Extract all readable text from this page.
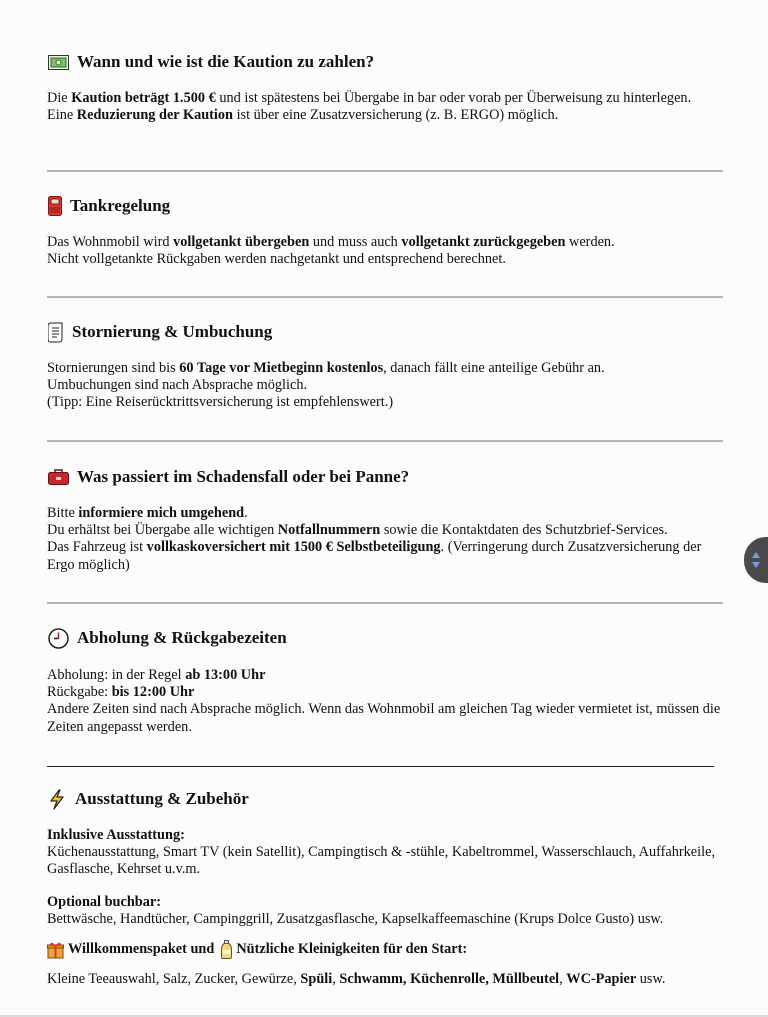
Wann und wie ist die Kaution zu zahlen?

Die Kaution beträgt 1.500 € und ist spätestens bei Übergabe in bar oder vorab per Überweisung zu hinterlegen.

Eine Reduzierung der Kaution ist über eine Zusatzversicherung (z. B. ERGO) möglich.

Tankregelung

Das Wohnmobil wird vollgetankt übergeben und muss auch vollgetankt zurückgegeben werden.

Nicht vollgetankte Rückgaben werden nachgetankt und entsprechend berechnet.

Stornierung & Umbuchung

Stornierungen sind bis 60 Tage vor Mietbeginn kostenlos, danach fällt eine anteilige Gebühr an.

Umbuchungen sind nach Absprache möglich.

(Tipp: Eine Reiserücktrittsversicherung ist empfehlenswert.)

Was passiert im Schadensfall oder bei Panne?

Bitte informiere mich umgehend.

Du erhältst bei Übergabe alle wichtigen Notfallnummern sowie die Kontaktdaten des Schutzbrief-Services.

Das Fahrzeug ist vollkaskoversichert mit 1500 € Selbstbeteiligung. (Verringerung durch Zusatzversicherung der Ergo möglich)

Abholung & Rückgabezeiten

Abholung: in der Regel ab 13:00 Uhr

Rückgabe: bis 12:00 Uhr

Andere Zeiten sind nach Absprache möglich. Wenn das Wohnmobil am gleichen Tag wieder vermietet ist, müssen die Zeiten angepasst werden.

Ausstattung & Zubehör

Inklusive Ausstattung:

Küchenausstattung, Smart TV (kein Satellit), Campingtisch & -stühle, Kabeltrommel, Wasserschlauch, Auffahrkeile, Gasflasche, Kehrset u.v.m.

Optional buchbar:

Bettwäsche, Handtücher, Campinggrill, Zusatzgasflasche, Kapselkaffeemaschine (Krups Dolce Gusto) usw.

Willkommenspaket und Nützliche Kleinigkeiten für den Start:

Kleine Teeauswahl, Salz, Zucker, Gewürze, Spüli, Schwamm, Küchenrolle, Müllbeutel, WC-Papier usw.
